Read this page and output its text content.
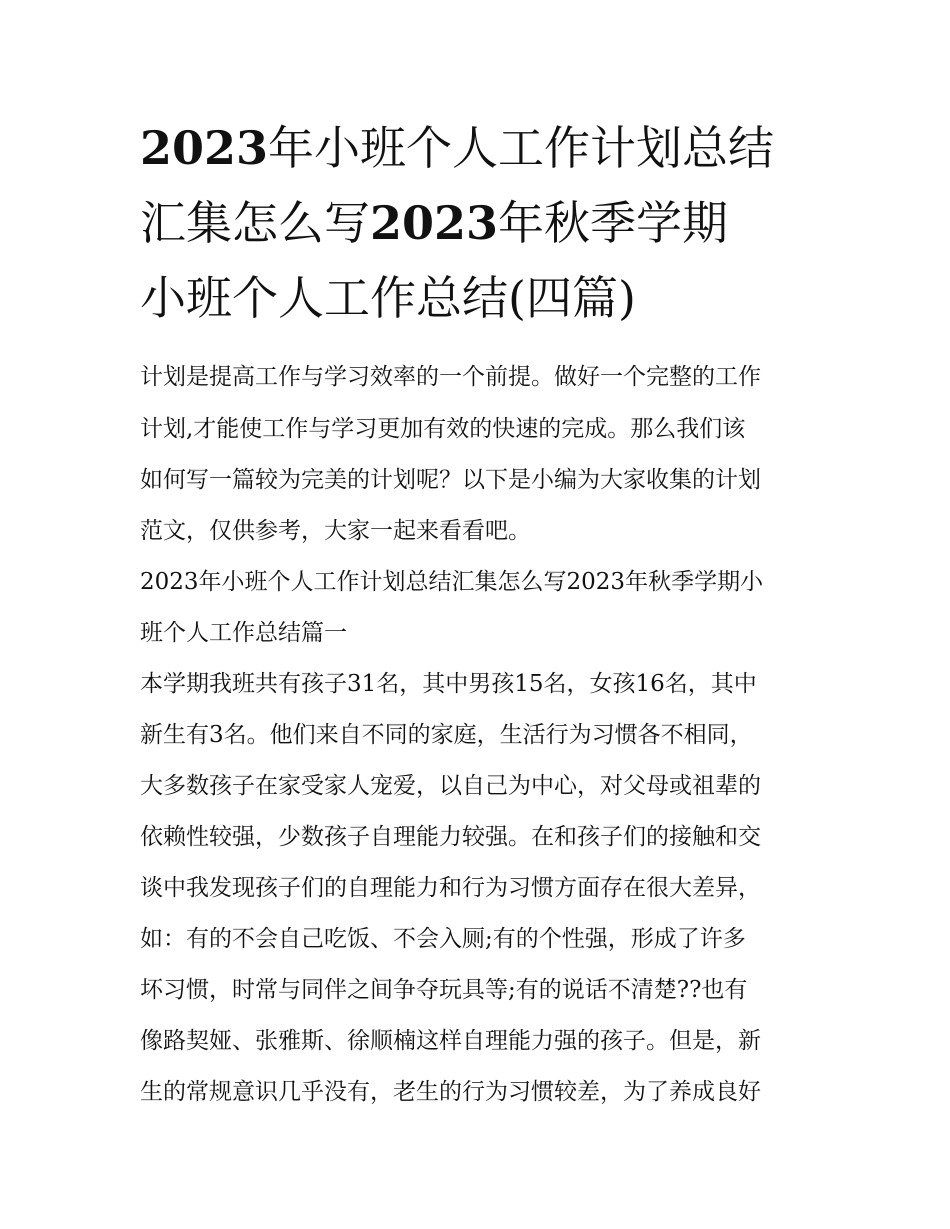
2023年小班个人工作计划总结
汇集怎么写2023年秋季学期
小班个人工作总结(四篇)

计划是提高工作与学习效率的一个前提。做好一个完整的工作

计划,才能使工作与学习更加有效的快速的完成。那么我们该

如何写一篇较为完美的计划呢？以下是小编为大家收集的计划

范文，仅供参考，大家一起来看看吧。

2023年小班个人工作计划总结汇集怎么写2023年秋季学期小

班个人工作总结篇一

本学期我班共有孩子31名，其中男孩15名，女孩16名，其中

新生有3名。他们来自不同的家庭，生活行为习惯各不相同，

大多数孩子在家受家人宠爱，以自己为中心，对父母或祖辈的

依赖性较强，少数孩子自理能力较强。在和孩子们的接触和交

谈中我发现孩子们的自理能力和行为习惯方面存在很大差异，

如：有的不会自己吃饭、不会入厕;有的个性强，形成了许多

坏习惯，时常与同伴之间争夺玩具等;有的说话不清楚??也有

像路契娅、张雅斯、徐顺楠这样自理能力强的孩子。但是，新

生的常规意识几乎没有，老生的行为习惯较差，为了养成良好
